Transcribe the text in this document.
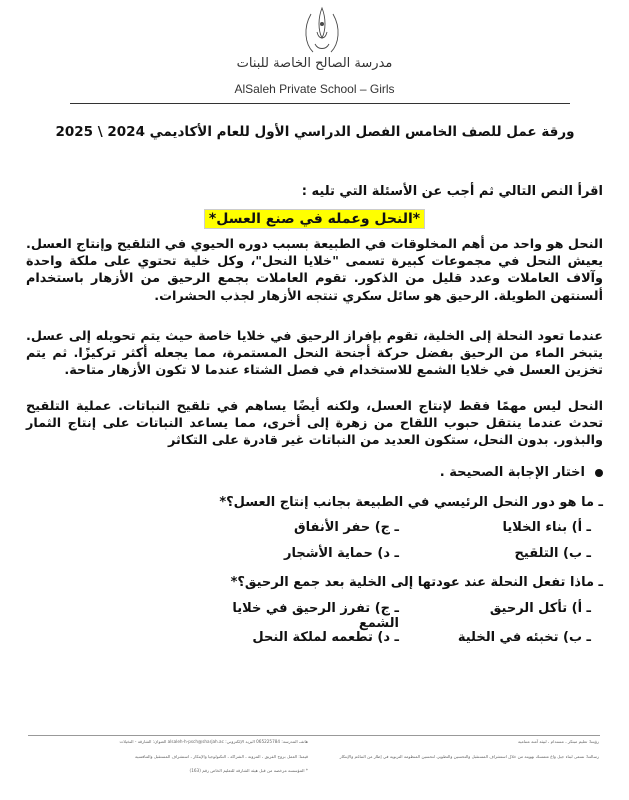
مدرسة الصالح الخاصة للبنات
AlSaleh Private School – Girls
ورقة عمل للصف الخامس الفصل الدراسي الأول للعام الأكاديمي 2024 \ 2025
اقرأ النص التالي ثم أجب عن الأسئلة التي تليه :
*النحل وعمله في صنع العسل*
النحل هو واحد من أهم المخلوقات في الطبيعة بسبب دوره الحيوي في التلقيح وإنتاج العسل. يعيش النحل في مجموعات كبيرة تسمى "خلايا النحل"، وكل خلية تحتوي على ملكة واحدة وآلاف العاملات وعدد قليل من الذكور. تقوم العاملات بجمع الرحيق من الأزهار باستخدام ألسنتهن الطويلة. الرحيق هو سائل سكري تنتجه الأزهار لجذب الحشرات.
عندما تعود النحلة إلى الخلية، تقوم بإفراز الرحيق في خلايا خاصة حيث يتم تحويله إلى عسل. يتبخر الماء من الرحيق بفضل حركة أجنحة النحل المستمرة، مما يجعله أكثر تركيزًا. ثم يتم تخزين العسل في خلايا الشمع للاستخدام في فصل الشتاء عندما لا تكون الأزهار متاحة.
النحل ليس مهمًا فقط لإنتاج العسل، ولكنه أيضًا يساهم في تلقيح النباتات. عملية التلقيح تحدث عندما ينتقل حبوب اللقاح من زهرة إلى أخرى، مما يساعد النباتات على إنتاج الثمار والبذور. بدون النحل، ستكون العديد من النباتات غير قادرة على التكاثر
اختار الإجابة الصحيحة .
ـ ما هو دور النحل الرئيسي في الطبيعة بجانب إنتاج العسل؟*
ـ أ) بناء الخلايا
ـ ج) حفر الأنفاق
ـ ب) التلقيح
ـ د) حماية الأشجار
ـ ماذا تفعل النحلة عند عودتها إلى الخلية بعد جمع الرحيق؟*
ـ أ) تأكل الرحيق
ـ ج) تفرز الرحيق في خلايا الشمع
ـ ب) تخبئه في الخلية
ـ د) تطعمه لملكة النحل
رؤيتنا: تعليم مبتكر ، مستدام ، لبيئة آمنة متنامية
رسالتنا: نسعى لبناء جيل واع متمسك بهويته من خلال استشراف المستقبل والتحسين والتطوير، لتحسين المنظومة التربوية في إطار من التناغم والإبتكار
هاتف المدرسة: 065225784 البريد الإلكتروني: alsaleh-h-psch@sharjah.ac العنوان: الشارقة - النخيلات
قيمنا: العمل بروح الفريق ، المرونة ، الشراكة ، التكنولوجيا والإبتكار ، استشراف المستقبل والتنافسية
* المؤسسة مرخصة من قبل هيئة الشارقة للتعليم الخاص رقم (163)
